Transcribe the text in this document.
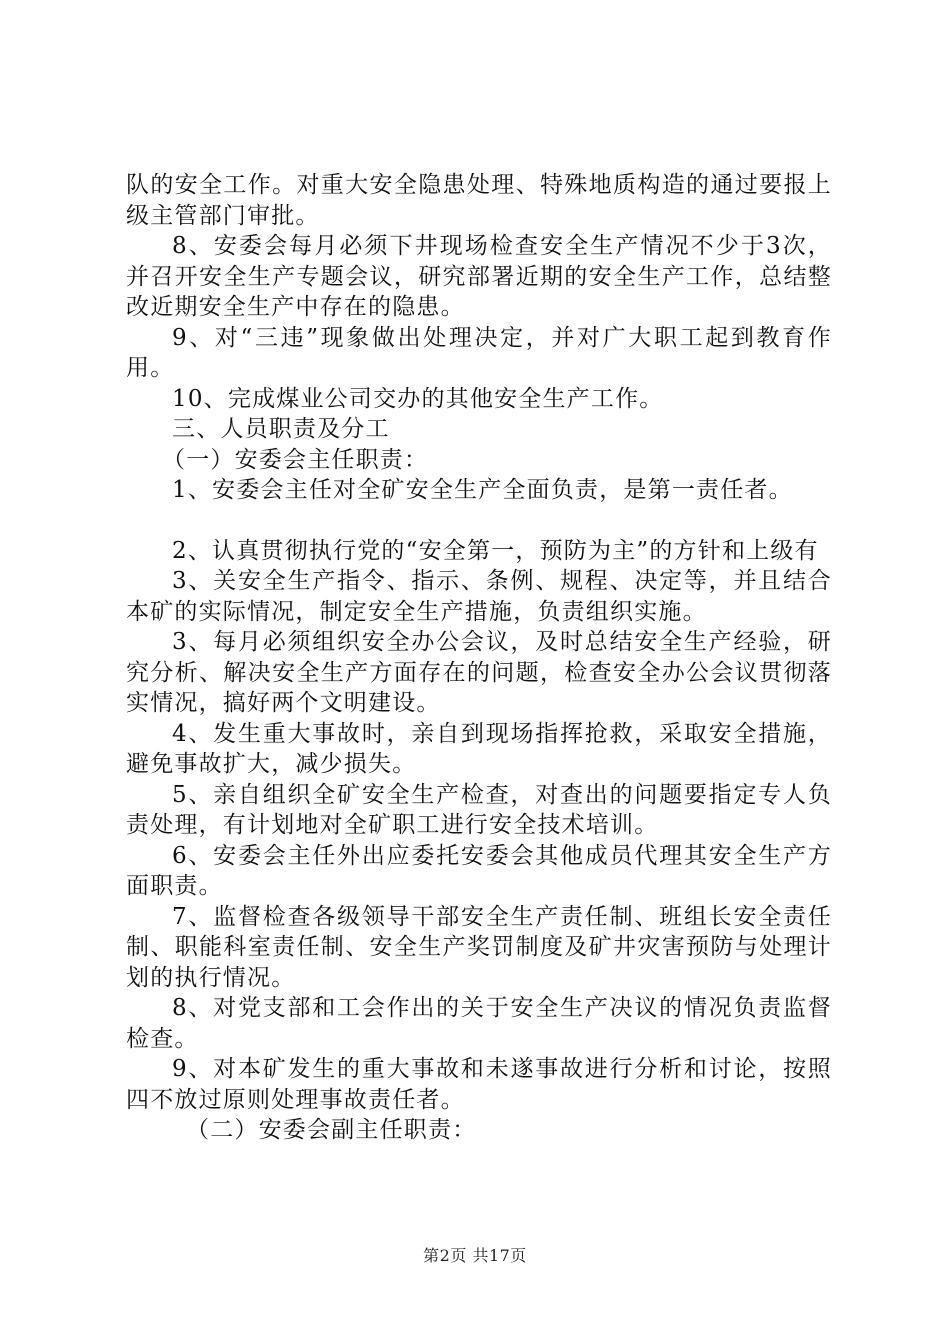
队的安全工作。对重大安全隐患处理、特殊地质构造的通过要报上级主管部门审批。

8、安委会每月必须下井现场检查安全生产情况不少于3次，并召开安全生产专题会议，研究部署近期的安全生产工作，总结整改近期安全生产中存在的隐患。

9、对“三违”现象做出处理决定，并对广大职工起到教育作用。

10、完成煤业公司交办的其他安全生产工作。

三、人员职责及分工

（一）安委会主任职责：

1、安委会主任对全矿安全生产全面负责，是第一责任者。

2、认真贯彻执行党的“安全第一，预防为主”的方针和上级有

3、关安全生产指令、指示、条例、规程、决定等，并且结合本矿的实际情况，制定安全生产措施，负责组织实施。

3、每月必须组织安全办公会议，及时总结安全生产经验，研究分析、解决安全生产方面存在的问题，检查安全办公会议贯彻落实情况，搞好两个文明建设。

4、发生重大事故时，亲自到现场指挥抢救，采取安全措施，避免事故扩大，减少损失。

5、亲自组织全矿安全生产检查，对查出的问题要指定专人负责处理，有计划地对全矿职工进行安全技术培训。

6、安委会主任外出应委托安委会其他成员代理其安全生产方面职责。

7、监督检查各级领导干部安全生产责任制、班组长安全责任制、职能科室责任制、安全生产奖罚制度及矿井灾害预防与处理计划的执行情况。

8、对党支部和工会作出的关于安全生产决议的情况负责监督检查。

9、对本矿发生的重大事故和未遂事故进行分析和讨论，按照四不放过原则处理事故责任者。

（二）安委会副主任职责：

第2页 共17页
